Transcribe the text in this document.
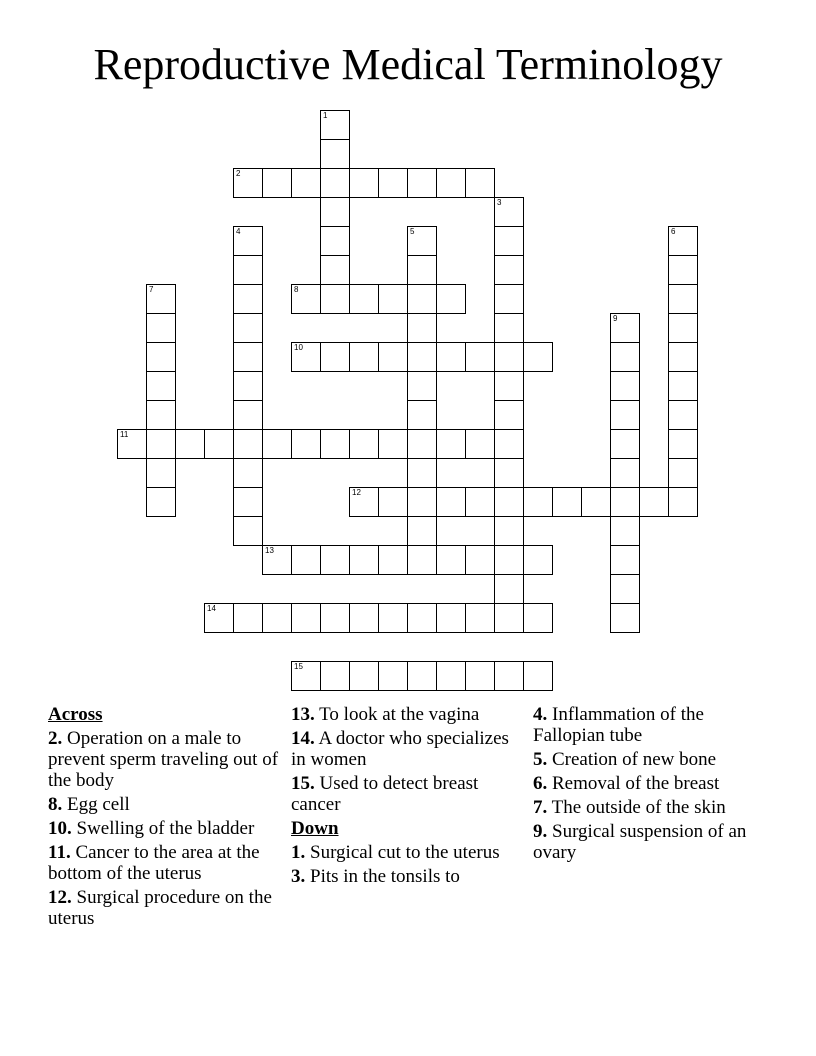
Reproductive Medical Terminology
1
2
3
4	5	6
7	8
9
10
11
12
13
14
15
Across
2. Operation on a male to prevent sperm traveling out of the body
8. Egg cell
10. Swelling of the bladder
11. Cancer to the area at the bottom of the uterus
12. Surgical procedure on the uterus
13. To look at the vagina
14. A doctor who specializes in women
15. Used to detect breast cancer
Down
1. Surgical cut to the uterus
3. Pits in the tonsils to
4. Inflammation of the Fallopian tube
5. Creation of new bone
6. Removal of the breast
7. The outside of the skin
9. Surgical suspension of an ovary
